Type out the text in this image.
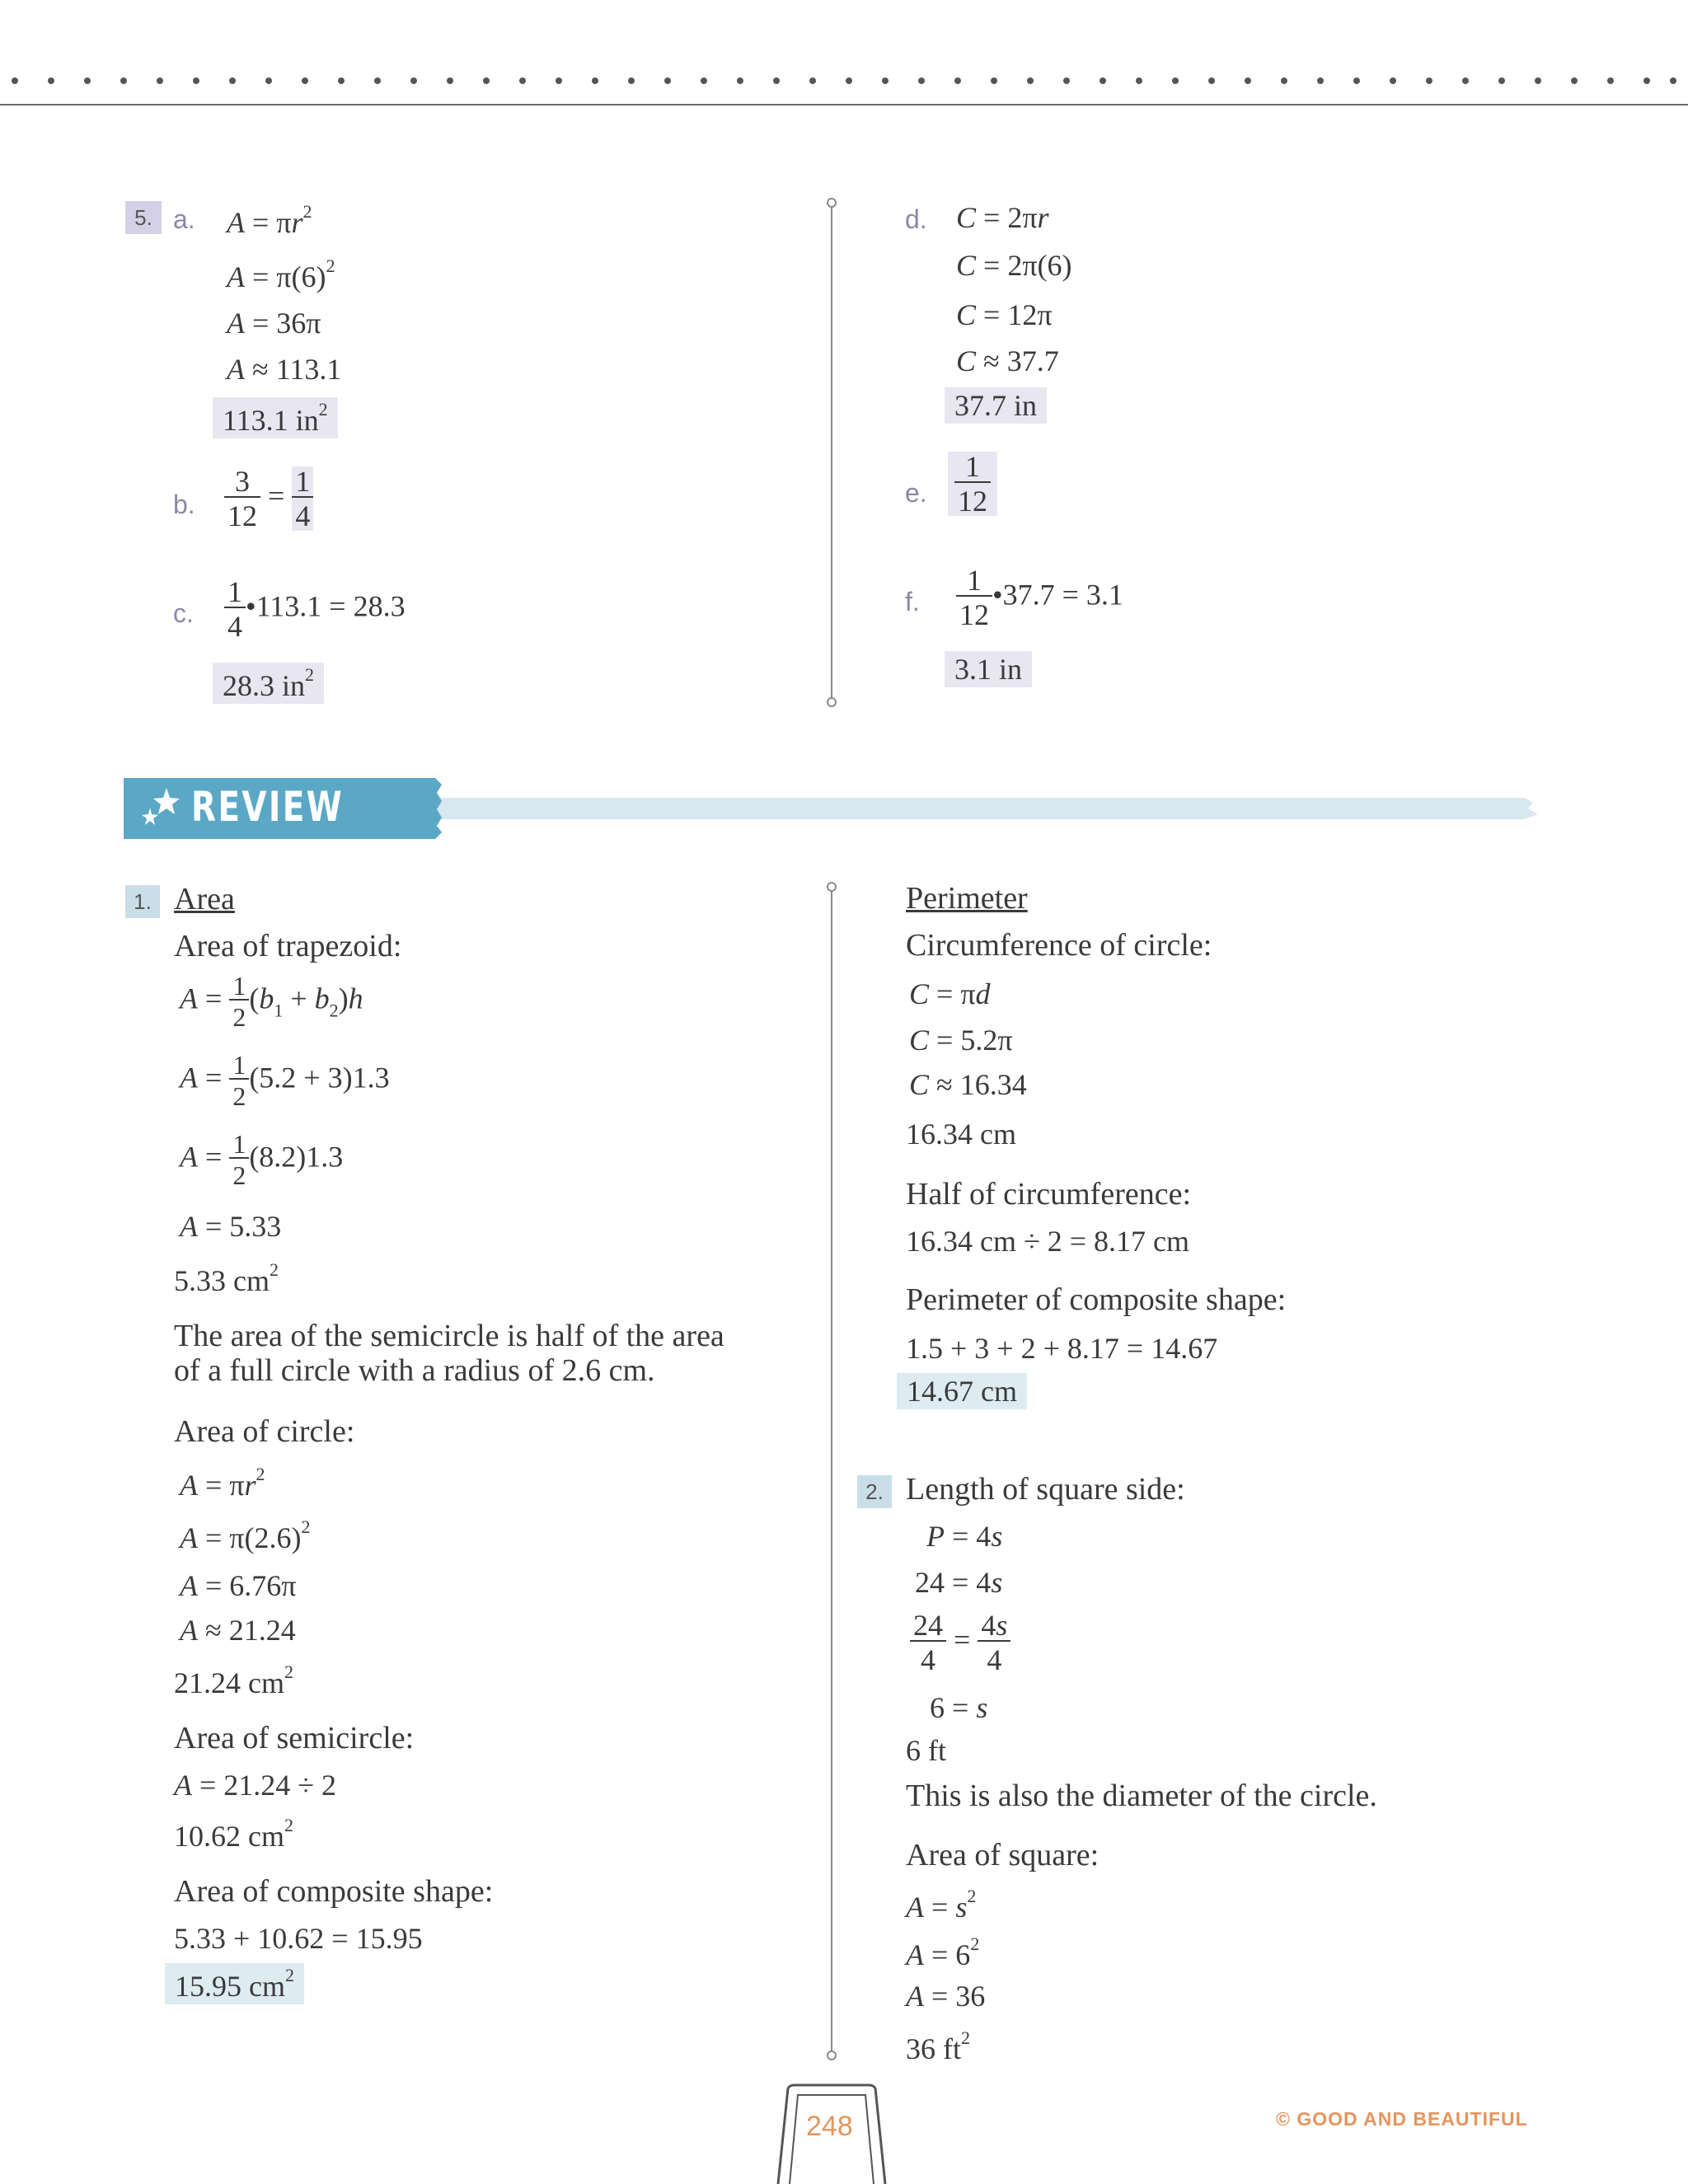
5. a. $A = \pi r^2$
$A = \pi(6)^2$
A = 36π
A ≈ 113.1
113.1 $in^2$
b. $\frac{3}{12} = \frac{1}{4}$
c. $\frac{1}{4}$ •113.1 = 28.3
28.3 $in^2$
d. C = 2πr
C = 2π(6)
C = 12π
C ≈ 37.7
37.7 in
e. $\frac{1}{12}$
f. $\frac{1}{12}$ •37.7 = 3.1
3.1 in
REVIEW
1. Area
Area of trapezoid:
$A = \frac{1}{2} (b_1 + b_2)h$
$A = \frac{1}{2} (5.2 + 3)1.3$
$A = \frac{1}{2} (8.2)1.3$
A = 5.33
5.33 $cm^2$
The area of the semicircle is half of the area
of a full circle with a radius of 2.6 cm.
Area of circle:
$A = \pi r^2$
$A = \pi(2.6)^2$
A = 6.76π
A ≈ 21.24
21.24 $cm^2$
Area of semicircle:
A = 21.24 ÷ 2
10.62 $cm^2$
Area of composite shape:
5.33 + 10.62 = 15.95
15.95 $cm^2$
Perimeter
Circumference of circle:
C = πd
C = 5.2π
C ≈ 16.34
16.34 cm
Half of circumference:
16.34 cm ÷ 2 = 8.17 cm
Perimeter of composite shape:
1.5 + 3 + 2 + 8.17 = 14.67
14.67 cm
2. Length of square side:
P = 4s
24 = 4s
$\frac{24}{4} = \frac{4s}{4}$
6 = s
6 ft
This is also the diameter of the circle.
Area of square:
$A = s^2$
$A = 6^2$
A = 36
36 $ft^2$
248	© GOOD AND BEAUTIFUL
